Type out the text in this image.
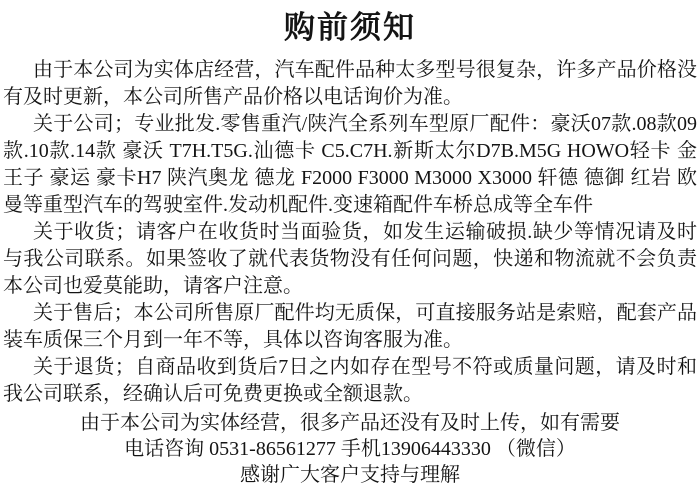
购前须知

由于本公司为实体店经营，汽车配件品种太多型号很复杂，许多产品价格没有及时更新，本公司所售产品价格以电话询价为准。

关于公司；专业批发.零售重汽/陕汽全系列车型原厂配件：豪沃07款.08款09款.10款.14款 豪沃 T7H.T5G.汕德卡 C5.C7H.新斯太尔D7B.M5G HOWO轻卡 金王子 豪运 豪卡H7 陕汽奥龙 德龙 F2000 F3000 M3000 X3000 轩德 德御 红岩 欧曼等重型汽车的驾驶室件.发动机配件.变速箱配件车桥总成等全车件

关于收货；请客户在收货时当面验货，如发生运输破损.缺少等情况请及时与我公司联系。如果签收了就代表货物没有任何问题，快递和物流就不会负责本公司也爱莫能助，请客户注意。

关于售后；本公司所售原厂配件均无质保，可直接服务站是索赔，配套产品装车质保三个月到一年不等，具体以咨询客服为准。

关于退货；自商品收到货后7日之内如存在型号不符或质量问题，请及时和我公司联系，经确认后可免费更换或全额退款。

由于本公司为实体经营，很多产品还没有及时上传，如有需要

电话咨询 0531-86561277 手机13906443330 （微信）

感谢广大客户支持与理解
